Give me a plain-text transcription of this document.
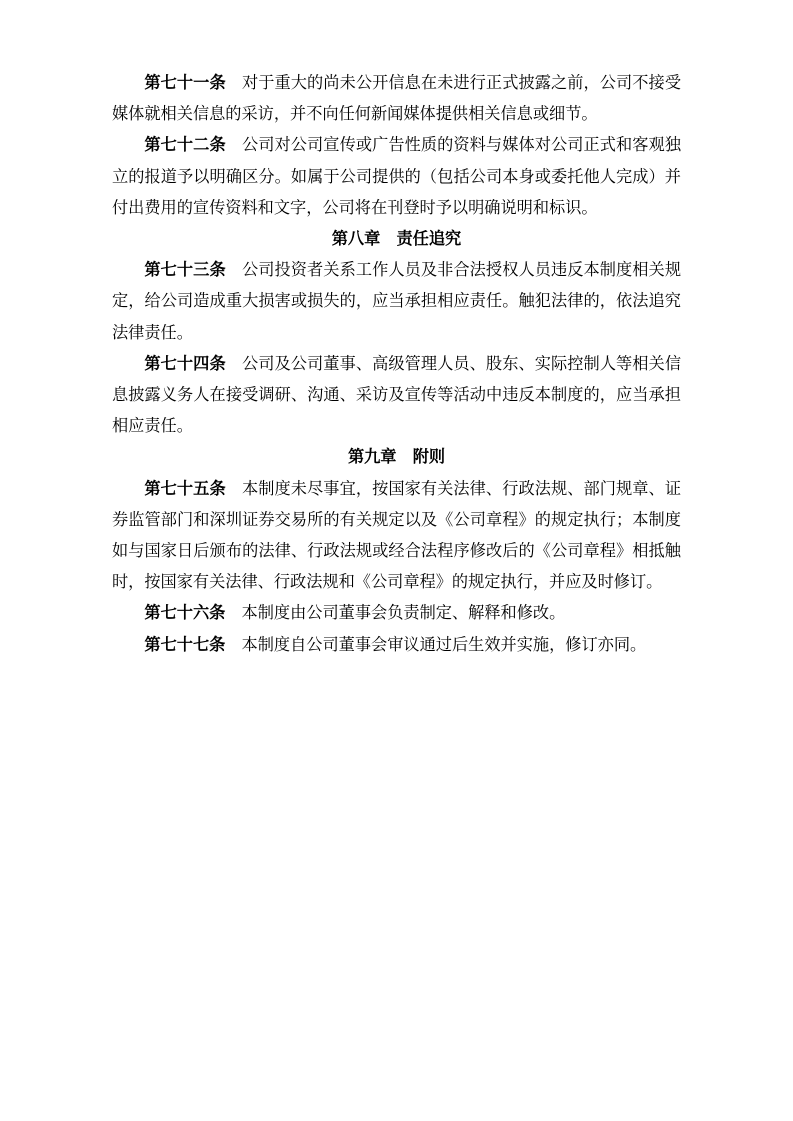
第七十一条　 对于重大的尚未公开信息在未进行正式披露之前，公司不接受媒体就相关信息的采访，并不向任何新闻媒体提供相关信息或细节。

第七十二条　 公司对公司宣传或广告性质的资料与媒体对公司正式和客观独立的报道予以明确区分。如属于公司提供的（包括公司本身或委托他人完成）并付出费用的宣传资料和文字，公司将在刊登时予以明确说明和标识。

第八章　 责任追究

第七十三条　 公司投资者关系工作人员及非合法授权人员违反本制度相关规定，给公司造成重大损害或损失的，应当承担相应责任。触犯法律的，依法追究法律责任。

第七十四条　 公司及公司董事、高级管理人员、股东、实际控制人等相关信息披露义务人在接受调研、沟通、采访及宣传等活动中违反本制度的，应当承担相应责任。

第九章　 附则

第七十五条　 本制度未尽事宜，按国家有关法律、行政法规、部门规章、证券监管部门和深圳证券交易所的有关规定以及《公司章程》的规定执行；本制度如与国家日后颁布的法律、行政法规或经合法程序修改后的《公司章程》相抵触时，按国家有关法律、行政法规和《公司章程》的规定执行，并应及时修订。

第七十六条　 本制度由公司董事会负责制定、解释和修改。

第七十七条　 本制度自公司董事会审议通过后生效并实施，修订亦同。
